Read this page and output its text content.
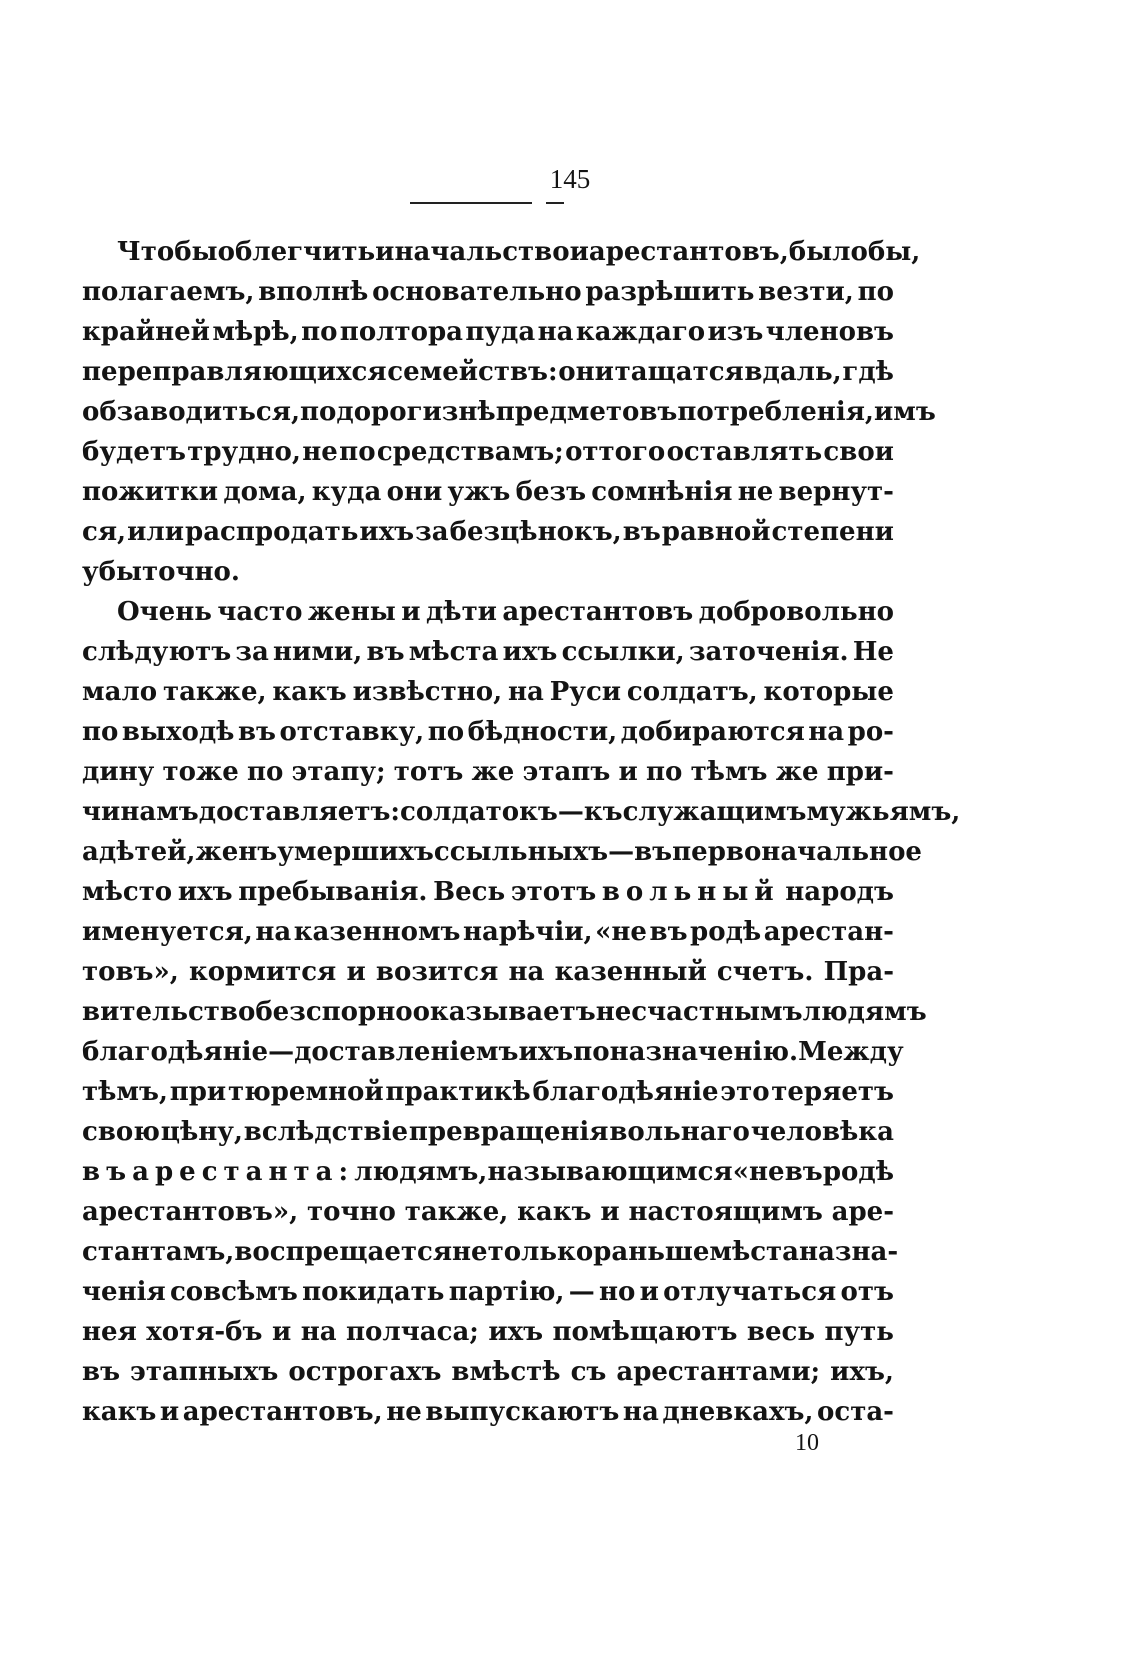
145
Чтобы облегчить и начальство и арестантовъ, было бы,
полагаемъ, вполнѣ основательно разрѣшить везти, по
крайней мѣрѣ, по полтора пуда на каждаго изъ членовъ
переправляющихся семействъ: они тащатся вдаль, гдѣ
обзаводиться, по дорогизнѣ предметовъ потребленія, имъ
будетъ трудно, не по средствамъ; оттого оставлять свои
пожитки дома, куда они ужъ безъ сомнѣнія не вернут-
ся, или распродать ихъ за безцѣнокъ, въ равной степени
убыточно.
Очень часто жены и дѣти арестантовъ добровольно
слѣдуютъ за ними, въ мѣста ихъ ссылки, заточенія. Не
мало также, какъ извѣстно, на Руси солдатъ, которые
по выходѣ въ отставку, по бѣдности, добираются на ро-
дину тоже по этапу; тотъ же этапъ и по тѣмъ же при-
чинамъ доставляетъ: солдатокъ—къ служащимъ мужьямъ,
а дѣтей, женъ умершихъ ссыльныхъ—въ первоначальное
мѣсто ихъ пребыванія. Весь этотъ вольный народъ
именуется, на казенномъ нарѣчіи, «не въ родѣ арестан-
товъ», кормится и возится на казенный счетъ. Пра-
вительство безспорно оказываетъ несчастнымъ людямъ
благодѣяніе — доставленіемъ ихъ по назначенію. Между
тѣмъ, при тюремной практикѣ благодѣяніе это теряетъ
свою цѣну, вслѣдствіе превращенія вольнаго человѣка
въ арестанта: людямъ, называющимся «не въ родѣ
арестантовъ», точно также, какъ и настоящимъ аре-
стантамъ, воспрещается не только раньше мѣста назна-
ченія совсѣмъ покидать партію, — но и отлучаться отъ
нея хотя-бъ и на полчаса; ихъ помѣщаютъ весь путь
въ этапныхъ острогахъ вмѣстѣ съ арестантами; ихъ,
какъ и арестантовъ, не выпускаютъ на дневкахъ, оста-
10
